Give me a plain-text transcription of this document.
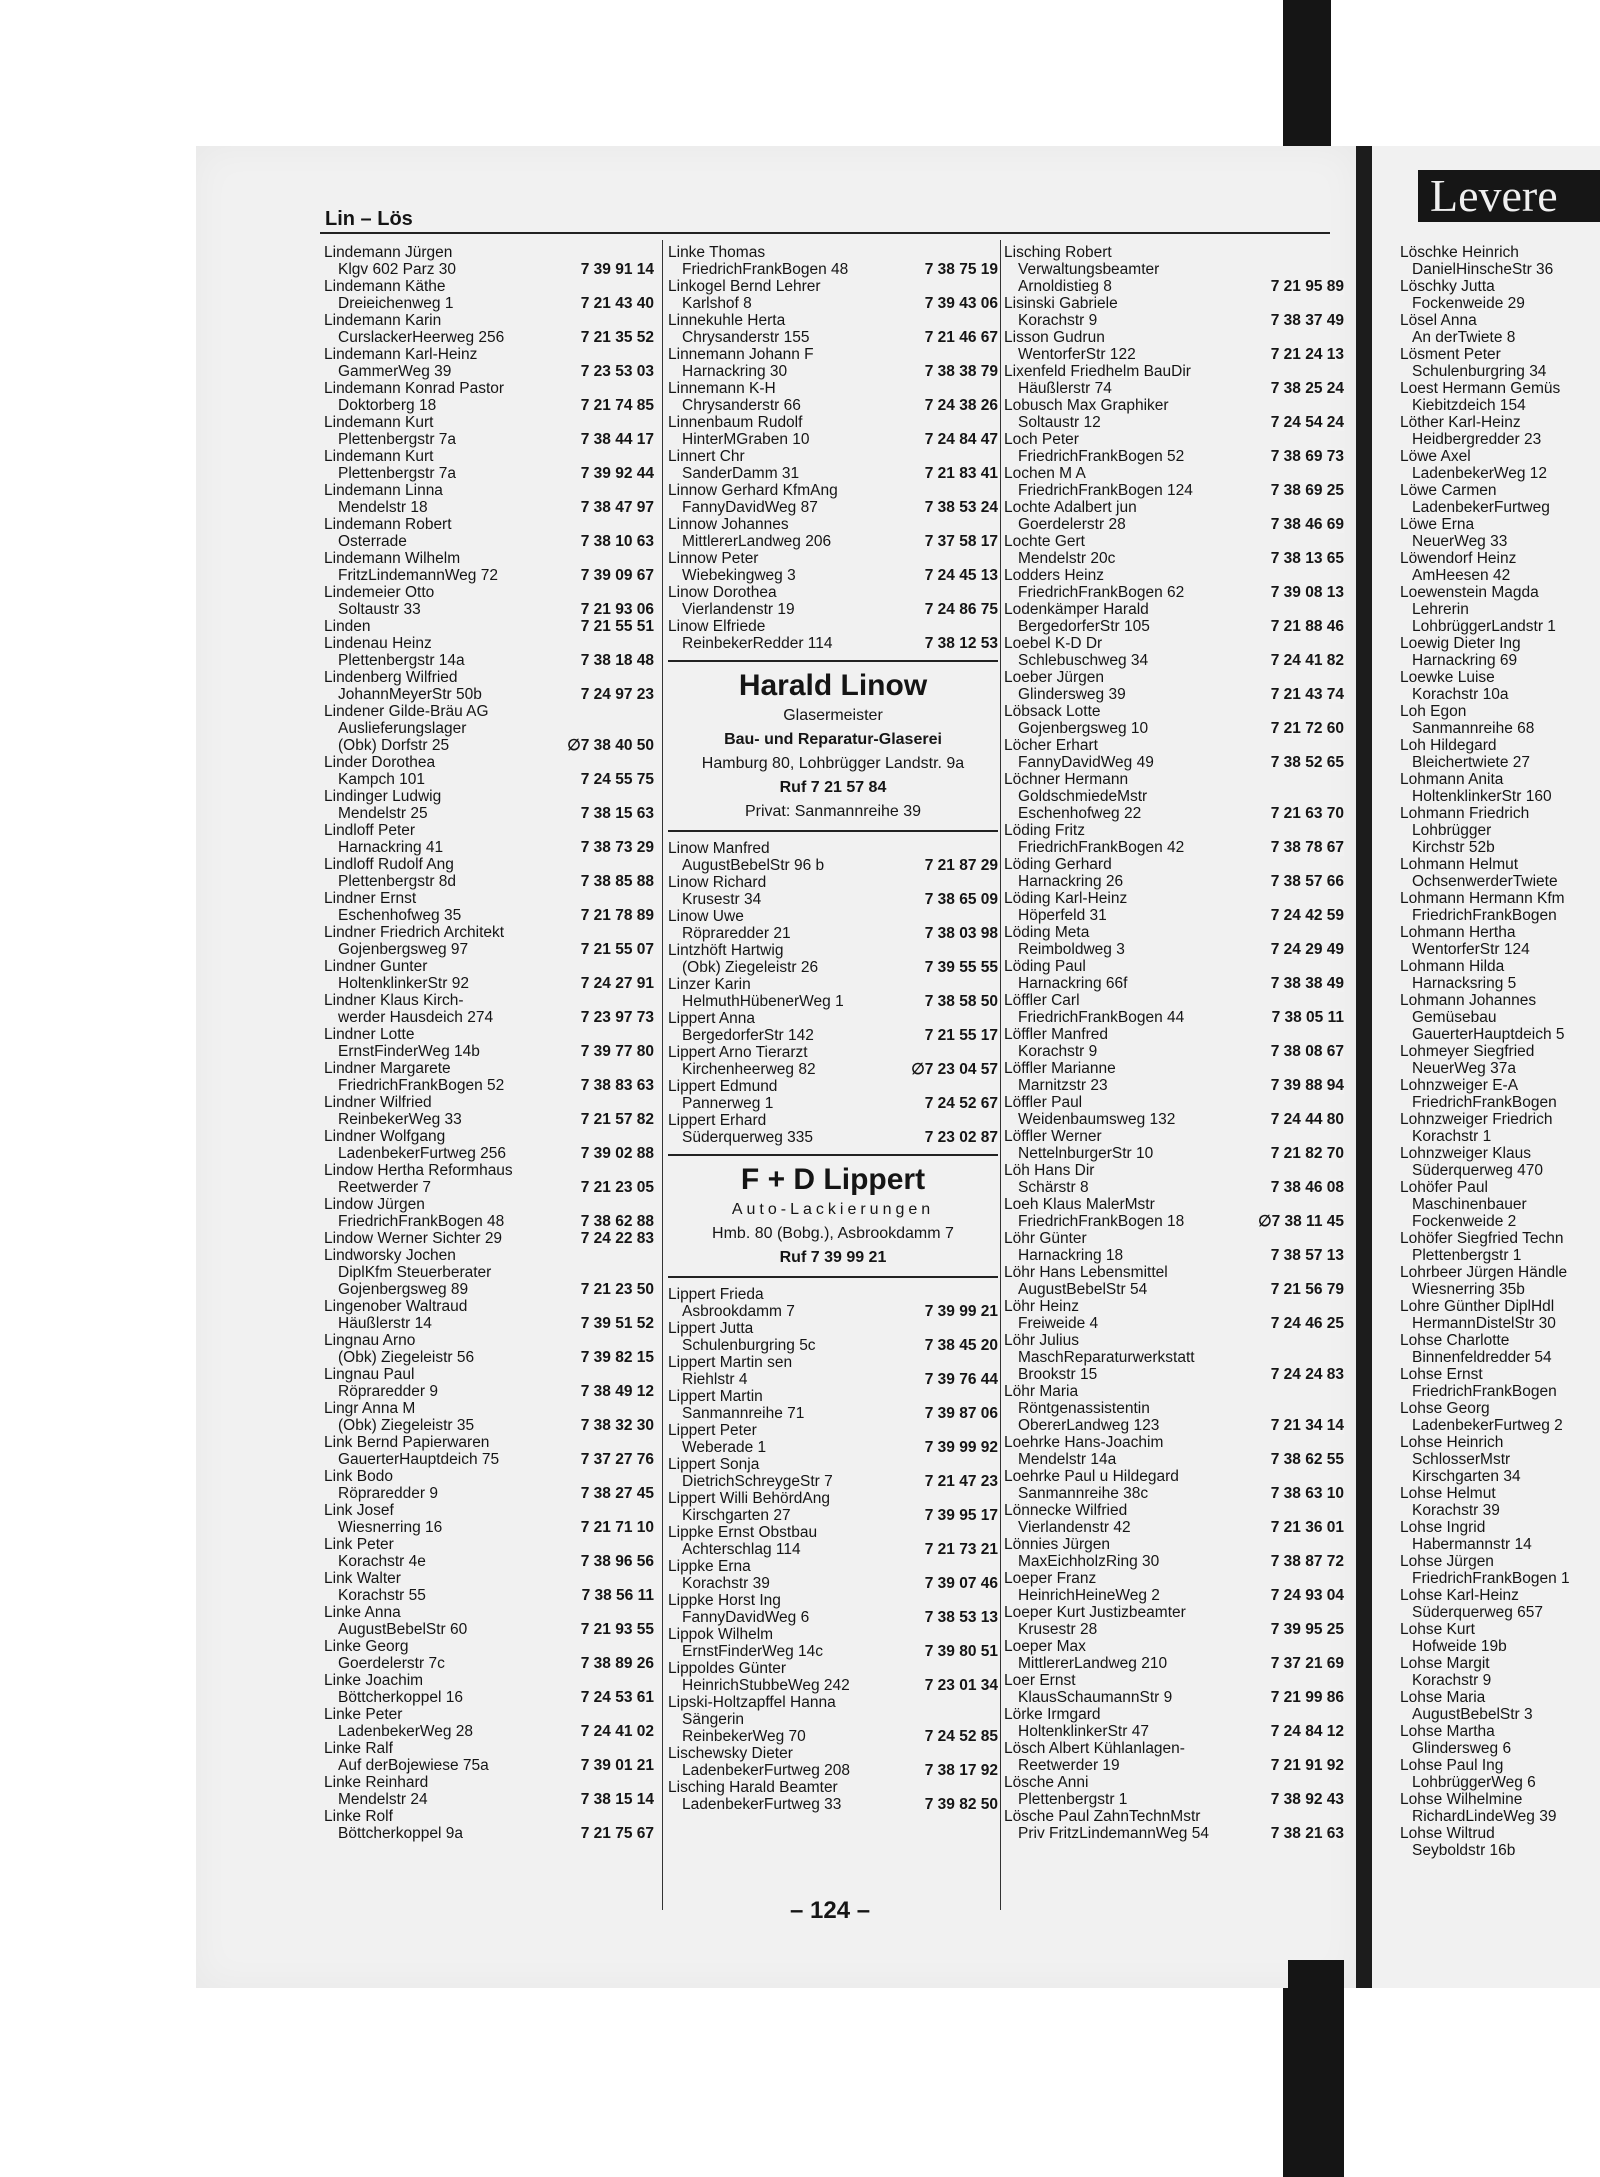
Lin – Lös	Levere
Lindemann Jürgen
Klgv 602 Parz 30	7 39 91 14
Lindemann Käthe
Dreieichenweg 1	7 21 43 40
Lindemann Karin
CurslackerHeerweg 256	7 21 35 52
Lindemann Karl-Heinz
GammerWeg 39	7 23 53 03
Lindemann Konrad Pastor
Doktorberg 18	7 21 74 85
Lindemann Kurt
Plettenbergstr 7a	7 38 44 17
Lindemann Kurt
Plettenbergstr 7a	7 39 92 44
Lindemann Linna
Mendelstr 18	7 38 47 97
Lindemann Robert
Osterrade	7 38 10 63
Lindemann Wilhelm
FritzLindemannWeg 72	7 39 09 67
Lindemeier Otto
Soltaustr 33	7 21 93 06
Linden	7 21 55 51
Lindenau Heinz
Plettenbergstr 14a	7 38 18 48
Lindenberg Wilfried
JohannMeyerStr 50b	7 24 97 23
Lindener Gilde-Bräu AG
Auslieferungslager
(Obk) Dorfstr 25	∅7 38 40 50
Linder Dorothea
Kampch 101	7 24 55 75
Lindinger Ludwig
Mendelstr 25	7 38 15 63
Lindloff Peter
Harnackring 41	7 38 73 29
Lindloff Rudolf Ang
Plettenbergstr 8d	7 38 85 88
Lindner Ernst
Eschenhofweg 35	7 21 78 89
Lindner Friedrich Architekt
Gojenbergsweg 97	7 21 55 07
Lindner Gunter
HoltenklinkerStr 92	7 24 27 91
Lindner Klaus Kirch-
werder Hausdeich 274	7 23 97 73
Lindner Lotte
ErnstFinderWeg 14b	7 39 77 80
Lindner Margarete
FriedrichFrankBogen 52	7 38 83 63
Lindner Wilfried
ReinbekerWeg 33	7 21 57 82
Lindner Wolfgang
LadenbekerFurtweg 256	7 39 02 88
Lindow Hertha Reformhaus
Reetwerder 7	7 21 23 05
Lindow Jürgen
FriedrichFrankBogen 48	7 38 62 88
Lindow Werner Sichter 29	7 24 22 83
Lindworsky Jochen
DiplKfm Steuerberater
Gojenbergsweg 89	7 21 23 50
Lingenober Waltraud
Häußlerstr 14	7 39 51 52
Lingnau Arno
(Obk) Ziegeleistr 56	7 39 82 15
Lingnau Paul
Röpraredder 9	7 38 49 12
Lingr Anna M
(Obk) Ziegeleistr 35	7 38 32 30
Link Bernd Papierwaren
GauerterHauptdeich 75	7 37 27 76
Link Bodo
Röpraredder 9	7 38 27 45
Link Josef
Wiesnerring 16	7 21 71 10
Link Peter
Korachstr 4e	7 38 96 56
Link Walter
Korachstr 55	7 38 56 11
Linke Anna
AugustBebelStr 60	7 21 93 55
Linke Georg
Goerdelerstr 7c	7 38 89 26
Linke Joachim
Böttcherkoppel 16	7 24 53 61
Linke Peter
LadenbekerWeg 28	7 24 41 02
Linke Ralf
Auf derBojewiese 75a	7 39 01 21
Linke Reinhard
Mendelstr 24	7 38 15 14
Linke Rolf
Böttcherkoppel 9a	7 21 75 67
Linke Thomas
FriedrichFrankBogen 48	7 38 75 19
Linkogel Bernd Lehrer
Karlshof 8	7 39 43 06
Linnekuhle Herta
Chrysanderstr 155	7 21 46 67
Linnemann Johann F
Harnackring 30	7 38 38 79
Linnemann K-H
Chrysanderstr 66	7 24 38 26
Linnenbaum Rudolf
HinterMGraben 10	7 24 84 47
Linnert Chr
SanderDamm 31	7 21 83 41
Linnow Gerhard KfmAng
FannyDavidWeg 87	7 38 53 24
Linnow Johannes
MittlererLandweg 206	7 37 58 17
Linnow Peter
Wiebekingweg 3	7 24 45 13
Linow Dorothea
Vierlandenstr 19	7 24 86 75
Linow Elfriede
ReinbekerRedder 114	7 38 12 53
Harald Linow
Glasermeister
Bau- und Reparatur-Glaserei
Hamburg 80, Lohbrügger Landstr. 9a
Ruf 7 21 57 84
Privat: Sanmannreihe 39
Linow Manfred
AugustBebelStr 96 b	7 21 87 29
Linow Richard
Krusestr 34	7 38 65 09
Linow Uwe
Röpraredder 21	7 38 03 98
Lintzhöft Hartwig
(Obk) Ziegeleistr 26	7 39 55 55
Linzer Karin
HelmuthHübenerWeg 1	7 38 58 50
Lippert Anna
BergedorferStr 142	7 21 55 17
Lippert Arno Tierarzt
Kirchenheerweg 82	∅7 23 04 57
Lippert Edmund
Pannerweg 1	7 24 52 67
Lippert Erhard
Süderquerweg 335	7 23 02 87
F + D Lippert
Auto-Lackierungen
Hmb. 80 (Bobg.), Asbrookdamm 7
Ruf 7 39 99 21
Lippert Frieda
Asbrookdamm 7	7 39 99 21
Lippert Jutta
Schulenburgring 5c	7 38 45 20
Lippert Martin sen
Riehlstr 4	7 39 76 44
Lippert Martin
Sanmannreihe 71	7 39 87 06
Lippert Peter
Weberade 1	7 39 99 92
Lippert Sonja
DietrichSchreygeStr 7	7 21 47 23
Lippert Willi BehördAng
Kirschgarten 27	7 39 95 17
Lippke Ernst Obstbau
Achterschlag 114	7 21 73 21
Lippke Erna
Korachstr 39	7 39 07 46
Lippke Horst Ing
FannyDavidWeg 6	7 38 53 13
Lippok Wilhelm
ErnstFinderWeg 14c	7 39 80 51
Lippoldes Günter
HeinrichStubbeWeg 242	7 23 01 34
Lipski-Holtzapffel Hanna
Sängerin
ReinbekerWeg 70	7 24 52 85
Lischewsky Dieter
LadenbekerFurtweg 208	7 38 17 92
Lisching Harald Beamter
LadenbekerFurtweg 33	7 39 82 50
Lisching Robert
Verwaltungsbeamter
Arnoldistieg 8	7 21 95 89
Lisinski Gabriele
Korachstr 9	7 38 37 49
Lisson Gudrun
WentorferStr 122	7 21 24 13
Lixenfeld Friedhelm BauDir
Häußlerstr 74	7 38 25 24
Lobusch Max Graphiker
Soltaustr 12	7 24 54 24
Loch Peter
FriedrichFrankBogen 52	7 38 69 73
Lochen M A
FriedrichFrankBogen 124	7 38 69 25
Lochte Adalbert jun
Goerdelerstr 28	7 38 46 69
Lochte Gert
Mendelstr 20c	7 38 13 65
Lodders Heinz
FriedrichFrankBogen 62	7 39 08 13
Lodenkämper Harald
BergedorferStr 105	7 21 88 46
Loebel K-D Dr
Schlebuschweg 34	7 24 41 82
Loeber Jürgen
Glindersweg 39	7 21 43 74
Löbsack Lotte
Gojenbergsweg 10	7 21 72 60
Löcher Erhart
FannyDavidWeg 49	7 38 52 65
Löchner Hermann
GoldschmiedeMstr
Eschenhofweg 22	7 21 63 70
Löding Fritz
FriedrichFrankBogen 42	7 38 78 67
Löding Gerhard
Harnackring 26	7 38 57 66
Löding Karl-Heinz
Höperfeld 31	7 24 42 59
Löding Meta
Reimboldweg 3	7 24 29 49
Löding Paul
Harnackring 66f	7 38 38 49
Löffler Carl
FriedrichFrankBogen 44	7 38 05 11
Löffler Manfred
Korachstr 9	7 38 08 67
Löffler Marianne
Marnitzstr 23	7 39 88 94
Löffler Paul
Weidenbaumsweg 132	7 24 44 80
Löffler Werner
NettelnburgerStr 10	7 21 82 70
Löh Hans Dir
Schärstr 8	7 38 46 08
Loeh Klaus MalerMstr
FriedrichFrankBogen 18	∅7 38 11 45
Löhr Günter
Harnackring 18	7 38 57 13
Löhr Hans Lebensmittel
AugustBebelStr 54	7 21 56 79
Löhr Heinz
Freiweide 4	7 24 46 25
Löhr Julius
MaschReparaturwerkstatt
Brookstr 15	7 24 24 83
Löhr Maria
Röntgenassistentin
ObererLandweg 123	7 21 34 14
Loehrke Hans-Joachim
Mendelstr 14a	7 38 62 55
Loehrke Paul u Hildegard
Sanmannreihe 38c	7 38 63 10
Lönnecke Wilfried
Vierlandenstr 42	7 21 36 01
Lönnies Jürgen
MaxEichholzRing 30	7 38 87 72
Loeper Franz
HeinrichHeineWeg 2	7 24 93 04
Loeper Kurt Justizbeamter
Krusestr 28	7 39 95 25
Loeper Max
MittlererLandweg 210	7 37 21 69
Loer Ernst
KlausSchaumannStr 9	7 21 99 86
Lörke Irmgard
HoltenklinkerStr 47	7 24 84 12
Lösch Albert Kühlanlagen-
Reetwerder 19	7 21 91 92
Lösche Anni
Plettenbergstr 1	7 38 92 43
Lösche Paul ZahnTechnMstr
Priv FritzLindemannWeg 54	7 38 21 63
Löschke Heinrich
DanielHinscheStr 36
Löschky Jutta
Fockenweide 29
Lösel Anna
An derTwiete 8
Lösment Peter
Schulenburgring 34
Loest Hermann Gemüs
Kiebitzdeich 154
Löther Karl-Heinz
Heidbergredder 23
Löwe Axel
LadenbekerWeg 12
Löwe Carmen
LadenbekerFurtweg
Löwe Erna
NeuerWeg 33
Löwendorf Heinz
AmHeesen 42
Loewenstein Magda
Lehrerin
LohbrüggerLandstr 1
Loewig Dieter Ing
Harnackring 69
Loewke Luise
Korachstr 10a
Loh Egon
Sanmannreihe 68
Loh Hildegard
Bleichertwiete 27
Lohmann Anita
HoltenklinkerStr 160
Lohmann Friedrich
Lohbrügger
Kirchstr 52b
Lohmann Helmut
OchsenwerderTwiete
Lohmann Hermann Kfm
FriedrichFrankBogen
Lohmann Hertha
WentorferStr 124
Lohmann Hilda
Harnacksring 5
Lohmann Johannes
Gemüsebau
GauerterHauptdeich 5
Lohmeyer Siegfried
NeuerWeg 37a
Lohnzweiger E-A
FriedrichFrankBogen
Lohnzweiger Friedrich
Korachstr 1
Lohnzweiger Klaus
Süderquerweg 470
Lohöfer Paul
Maschinenbauer
Fockenweide 2
Lohöfer Siegfried Techn
Plettenbergstr 1
Lohrbeer Jürgen Händle
Wiesnerring 35b
Lohre Günther DiplHdl
HermannDistelStr 30
Lohse Charlotte
Binnenfeldredder 54
Lohse Ernst
FriedrichFrankBogen
Lohse Georg
LadenbekerFurtweg 2
Lohse Heinrich
SchlosserMstr
Kirschgarten 34
Lohse Helmut
Korachstr 39
Lohse Ingrid
Habermannstr 14
Lohse Jürgen
FriedrichFrankBogen 1
Lohse Karl-Heinz
Süderquerweg 657
Lohse Kurt
Hofweide 19b
Lohse Margit
Korachstr 9
Lohse Maria
AugustBebelStr 3
Lohse Martha
Glindersweg 6
Lohse Paul Ing
LohbrüggerWeg 6
Lohse Wilhelmine
RichardLindeWeg 39
Lohse Wiltrud
Seyboldstr 16b
– 124 –
